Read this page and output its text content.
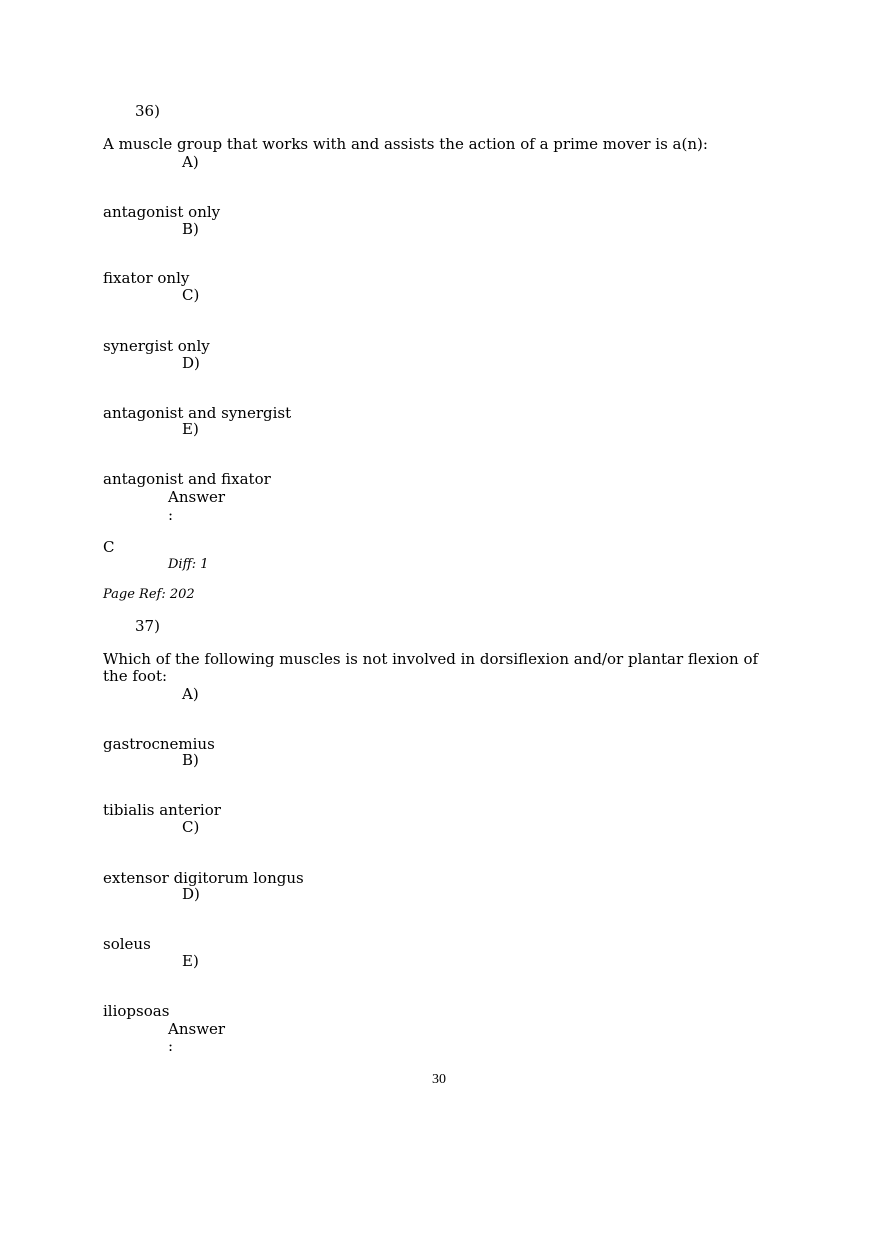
36)
A muscle group that works with and assists the action of a prime mover is a(n):
A)
antagonist only
B)
fixator only
C)
synergist only
D)
antagonist and synergist
E)
antagonist and fixator
Answer
:
C
Diff: 1
Page Ref: 202
37)
Which of the following muscles is not involved in dorsiflexion and/or plantar flexion of the foot:
A)
gastrocnemius
B)
tibialis anterior
C)
extensor digitorum longus
D)
soleus
E)
iliopsoas
Answer
:
30
